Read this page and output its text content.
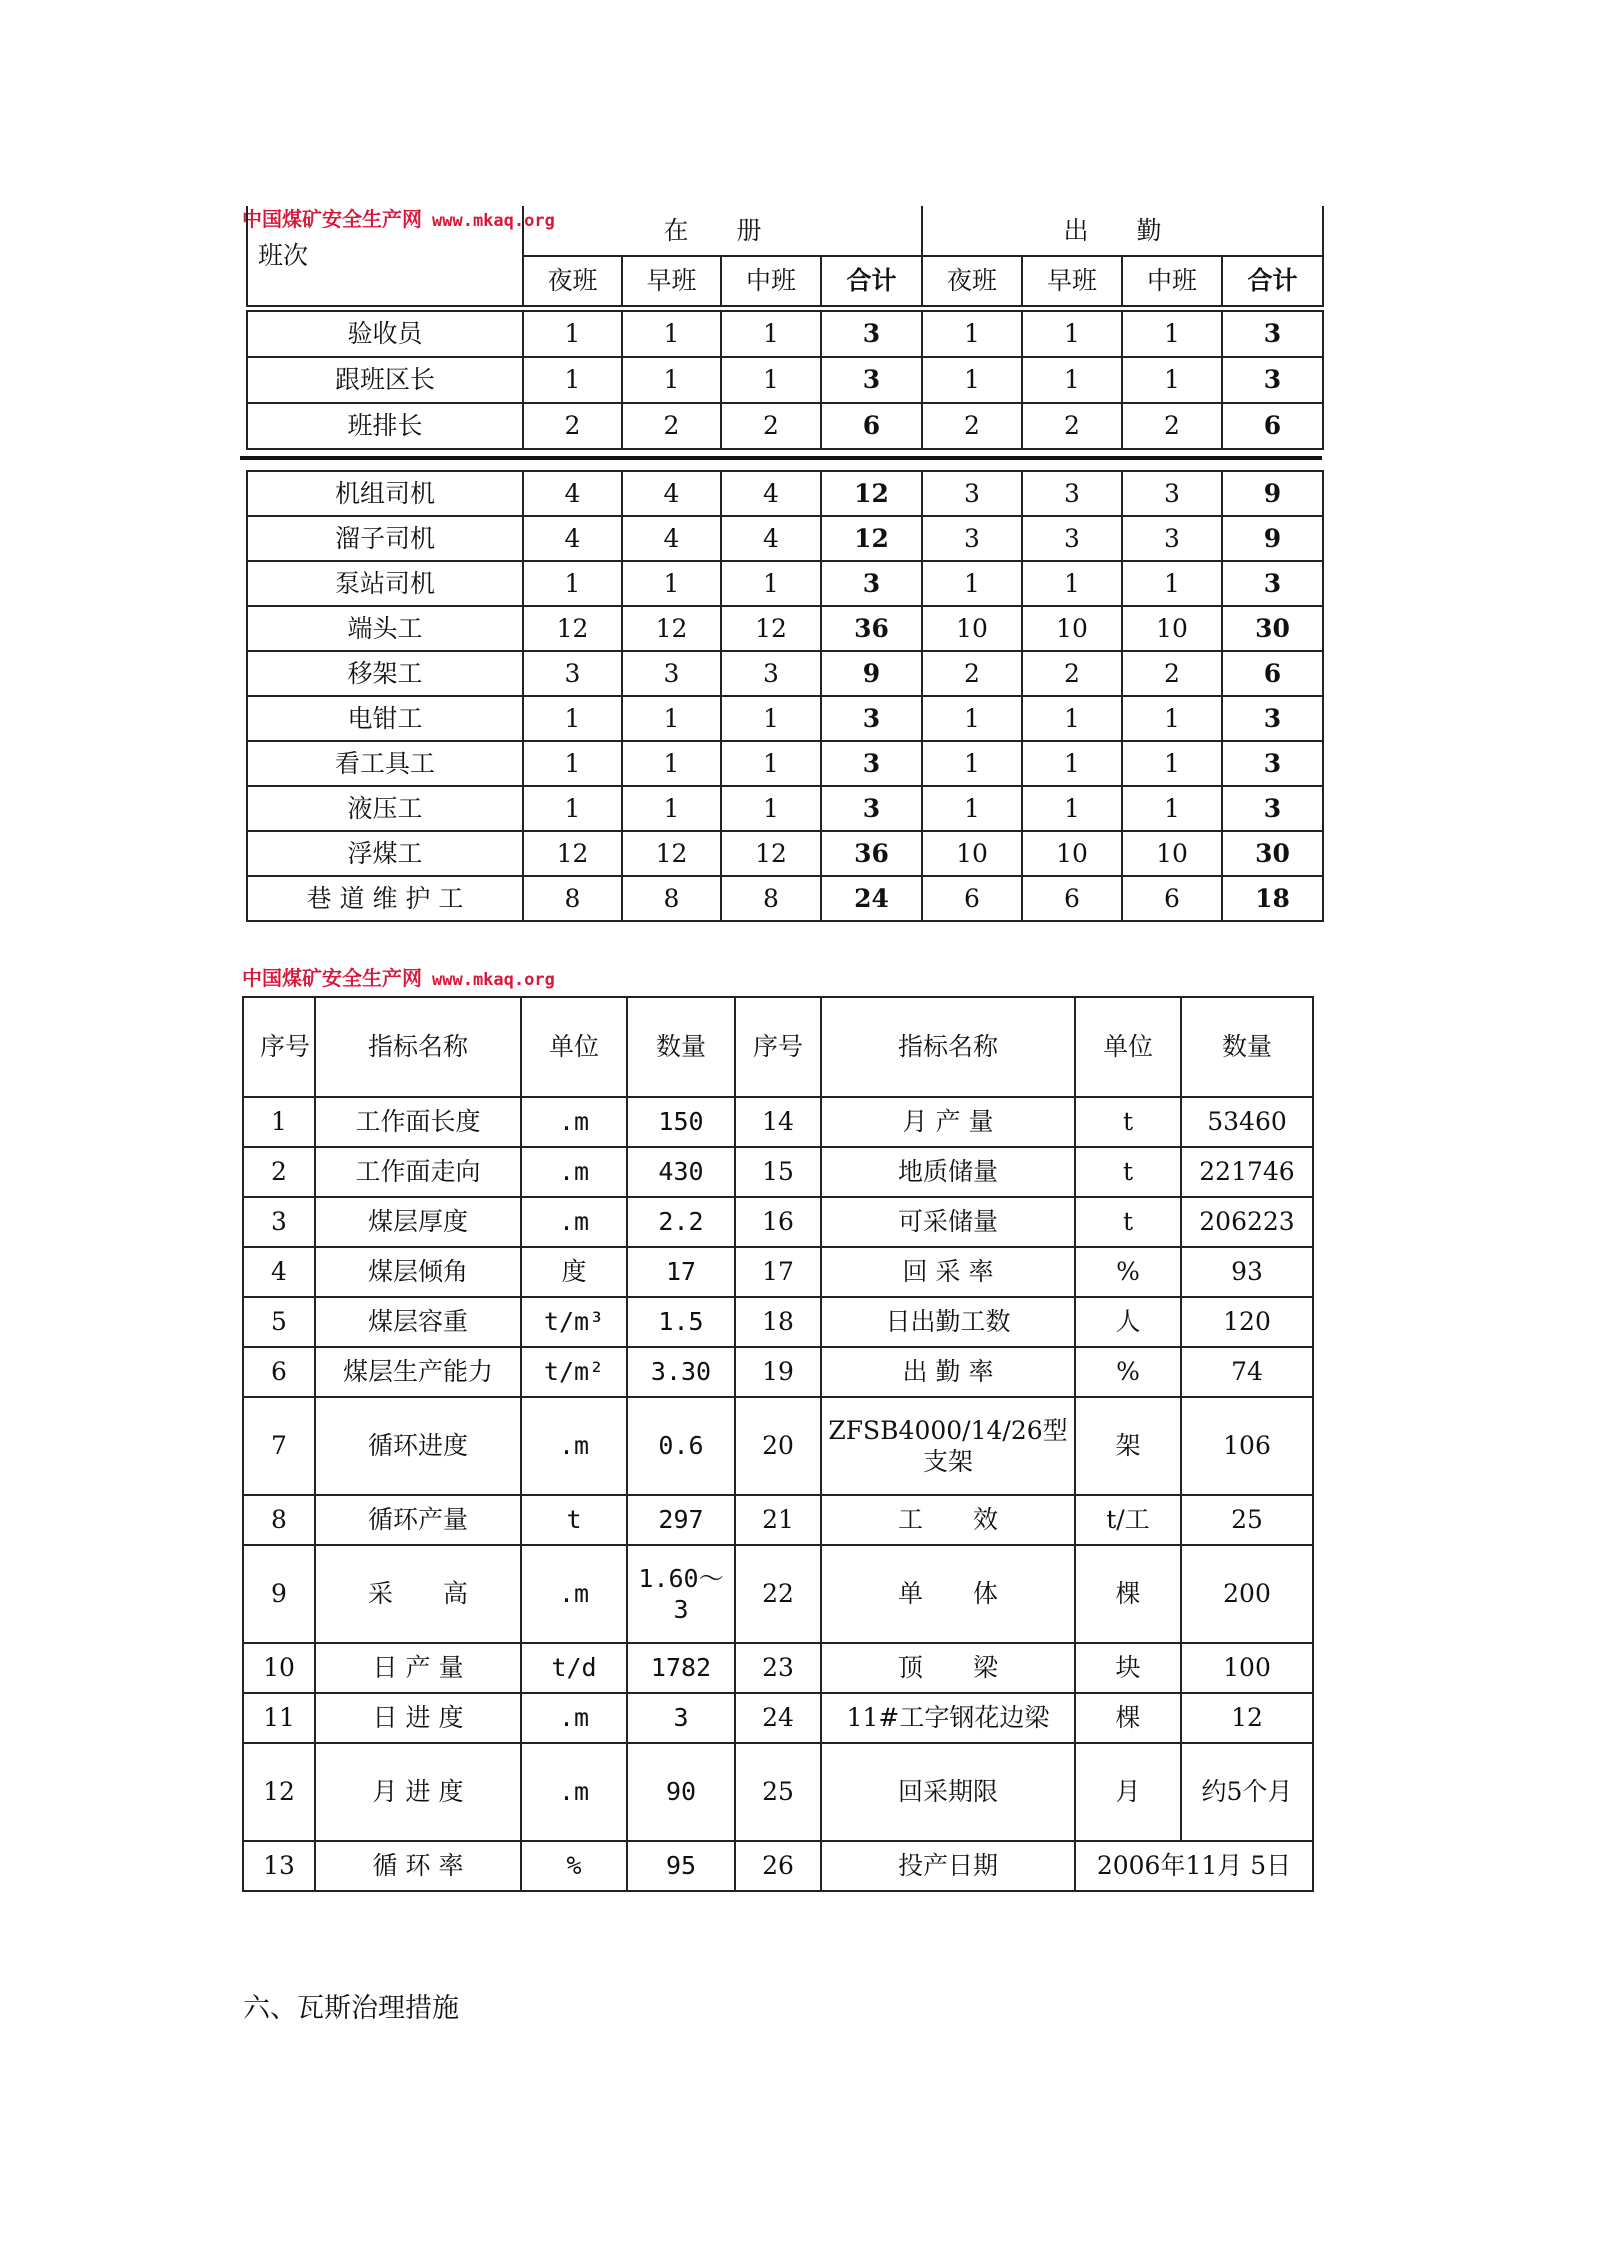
中国煤矿安全生产网 www.mkaq.org
班次	在 册				出 勤			
	夜班	早班	中班	合计	夜班	早班	中班	合计
验收员	1	1	1	3	1	1	1	3
跟班区长	1	1	1	3	1	1	1	3
班排长	2	2	2	6	2	2	2	6
机组司机	4	4	4	12	3	3	3	9
溜子司机	4	4	4	12	3	3	3	9
泵站司机	1	1	1	3	1	1	1	3
端头工	12	12	12	36	10	10	10	30
移架工	3	3	3	9	2	2	2	6
电钳工	1	1	1	3	1	1	1	3
看工具工	1	1	1	3	1	1	1	3
液压工	1	1	1	3	1	1	1	3
浮煤工	12	12	12	36	10	10	10	30
巷 道 维 护 工	8	8	8	24	6	6	6	18
中国煤矿安全生产网 www.mkaq.org
序号	指标名称	单位	数量	序号	指标名称	单位	数量
1	工作面长度	.m	150	14	月 产 量	t	53460
2	工作面走向	.m	430	15	地质储量	t	221746
3	煤层厚度	.m	2.2	16	可采储量	t	206223
4	煤层倾角	度	17	17	回 采 率	%	93
5	煤层容重	t/m³	1.5	18	日出勤工数	人	120
6	煤层生产能力	t/m²	3.30	19	出 勤 率	%	74
7	循环进度	.m	0.6	20	ZFSB4000/14/26型支架	架	106
8	循环产量	t	297	21	工　　效	t/工	25
9	采　　高	.m	1.60～3	22	单　　体	棵	200
10	日 产 量	t/d	1782	23	顶　　梁	块	100
11	日 进 度	.m	3	24	11#工字钢花边梁	棵	12
12	月 进 度	.m	90	25	回采期限	月	约5个月
13	循 环 率	%	95	26	投产日期	2006年11月 5日	
六、瓦斯治理措施
